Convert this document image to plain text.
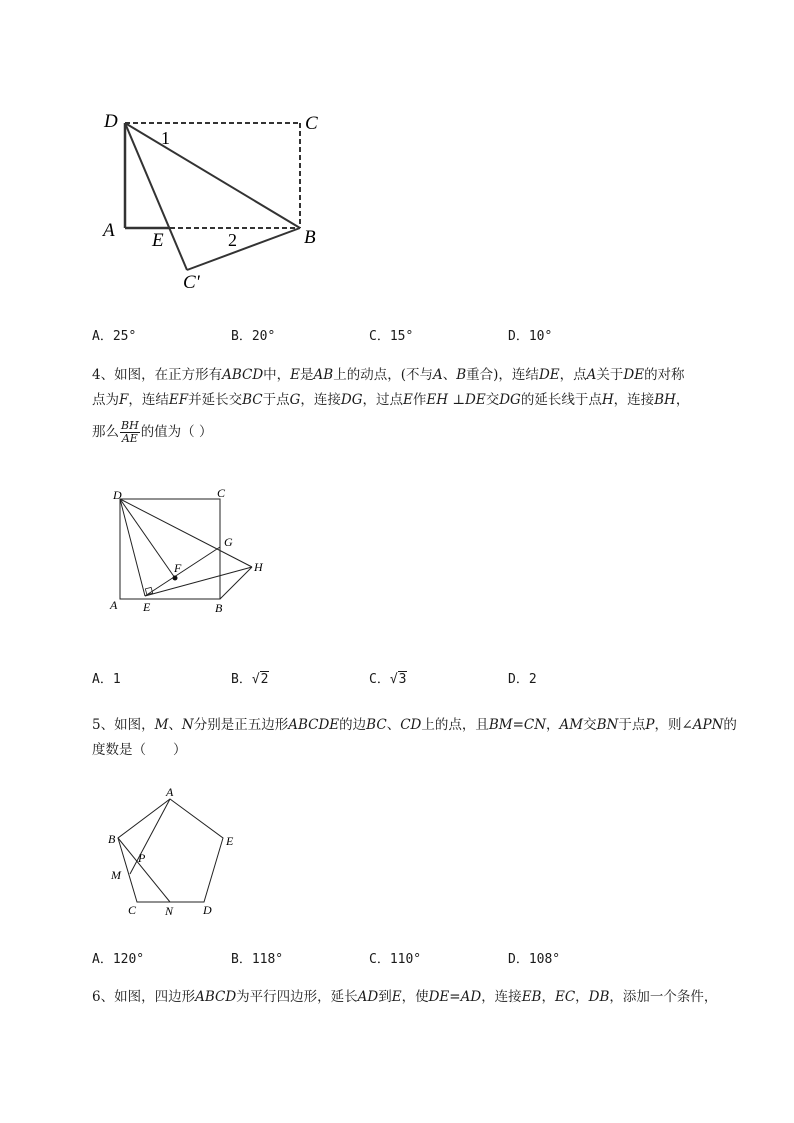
D	C
1
A E	2	B
C'
A．25°	B．20°	C．15°	D．10°
4、如图，在正方形有ABCD中，E是AB上的动点，(不与A、B重合)，连结DE，点A关于DE的对称
点为F，连结EF并延长交BC于点G，连接DG，过点E作EH ⊥DE交DG的延长线于点H，连接BH，
那么 $\frac{BH}{AE}$ 的值为（ ）
D	C
G
F	H
A E	B
A．1	B．√2	C．√3	D．2
5、如图，M、N分别是正五边形ABCDE的边BC、CD上的点，且BM=CN，AM交BN于点P，则∠APN的
度数是（　　）
A
B	E
P
M
C N D
A．120°	B．118°	C．110°	D．108°
6、如图，四边形ABCD为平行四边形，延长AD到E，使DE=AD，连接EB，EC，DB，添加一个条件，
